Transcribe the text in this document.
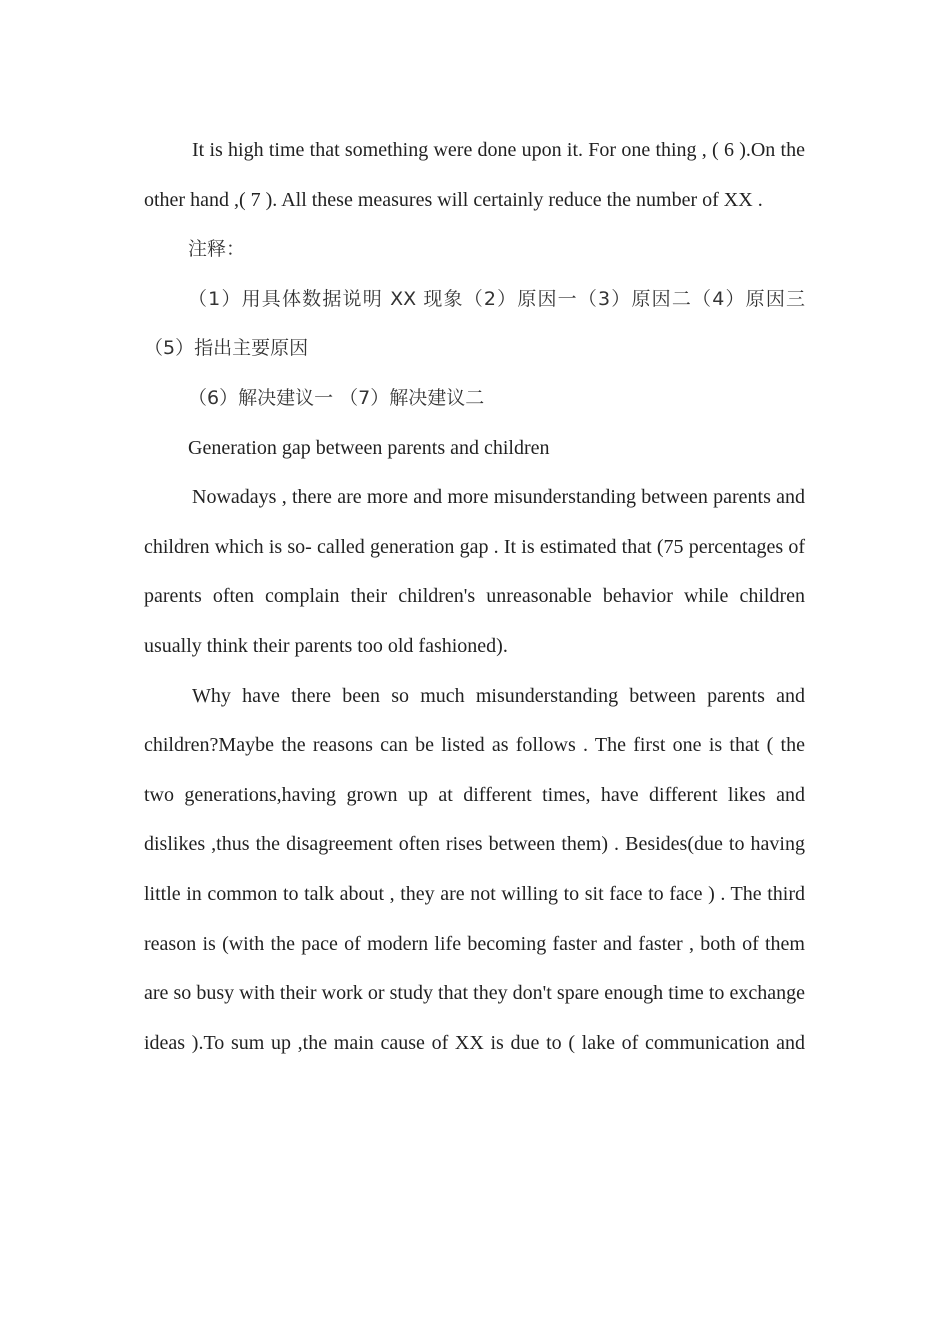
It is high time that something were done upon it. For one thing , ( 6 ).On the other hand ,( 7 ). All these measures will certainly reduce the number of XX .

注释：

（1）用具体数据说明 XX 现象（2）原因一（3）原因二（4）原因三（5）指出主要原因

（6）解决建议一 （7）解决建议二

Generation gap between parents and children

Nowadays , there are more and more misunderstanding between parents and children which is so- called generation gap . It is estimated that (75 percentages of parents often complain their children's unreasonable behavior while children usually think their parents too old fashioned).

Why have there been so much misunderstanding between parents and children?Maybe the reasons can be listed as follows . The first one is that ( the two generations,having grown up at different times, have different likes and dislikes ,thus the disagreement often rises between them) . Besides(due to having little in common to talk about , they are not willing to sit face to face ) . The third reason is (with the pace of modern life becoming faster and faster , both of them are so busy with their work or study that they don't spare enough time to exchange ideas ).To sum up ,the main cause of XX is due to ( lake of communication and
